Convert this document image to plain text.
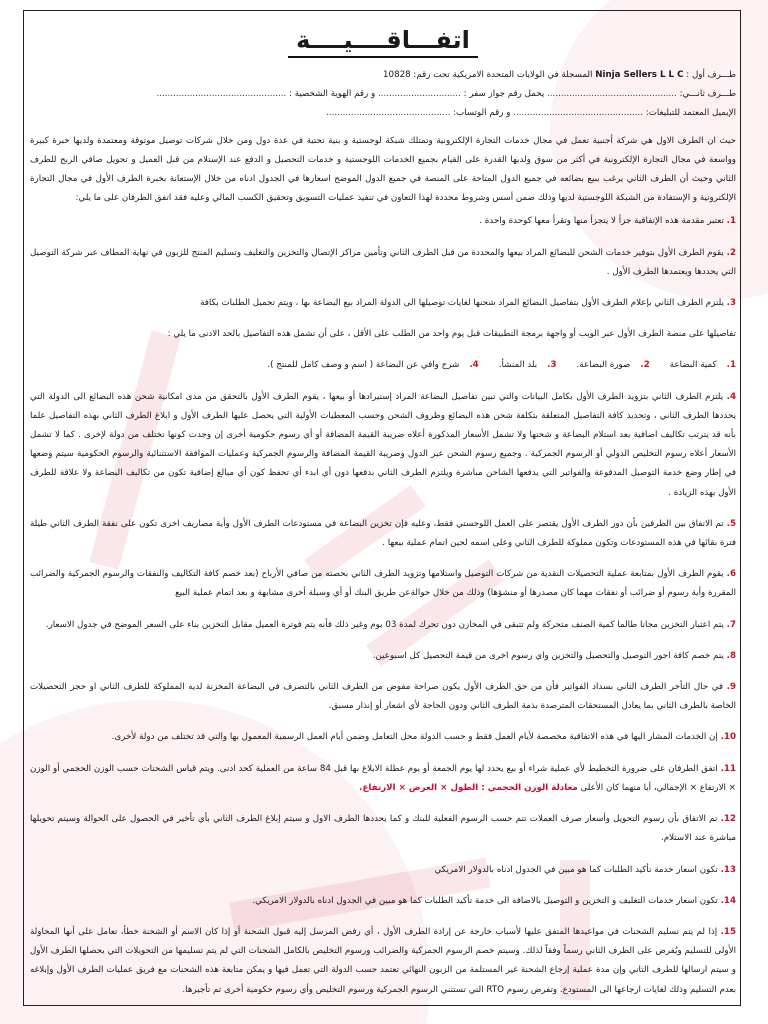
اتفـــاقــــيــــة

طـــرف أول : Ninja Sellers L L C المسجلة في الولايات المتحدة الامريكية تحت رقم: 10828

طـــرف ثانـــي: ............................................... يحمل رقم جواز سفر : .............................. و رقم الهوية الشخصية : ...............................................

الإيميل المعتمد للتبليغات: ............................................... و رقم الوتساب: .............................................

حيث ان الطرف الاول هي شركة أجنبية تعمل في مجال خدمات التجارة الإلكترونية وتمتلك شبكة لوجستية و بنية تحتية في عدة دول ومن خلال شركات توصيل موثوقة ومعتمدة ولديها خبرة كبيرة وواسعة في مجال التجارة الإلكترونية في أكثر من سوق ولديها القدرة على القيام بجميع الخدمات اللوجستية و خدمات التحصيل و الدفع عند الإستلام من قبل العميل و تحويل صافي الربح للطرف الثاني وحيث أن الطرف الثاني يرغب ببيع بضائعه في جميع الدول المتاحة على المنصة في جميع الدول الموضح اسعارها في الجدول ادناه من خلال الإستعانة بخبرة الطرف الأول في مجال التجارة الإلكترونية و الإستفادة من الشبكة اللوجستية لديها وذلك ضمن أسس وشروط محددة لهذا التعاون في تنفيذ عمليات التسويق وتحقيق الكسب المالي وعليه فقد اتفق الطرفان على ما يلي:

1. تعتبر مقدمة هذه الإتفاقية جزأ لا يتجزأ منها وتقرأ معها كوحدة واحدة .

2. يقوم الطرف الأول بتوفير خدمات الشحن للبضائع المراد بيعها والمحددة من قبل الطرف الثاني وتأمين مراكز الإتصال والتخزين والتغليف وتسليم المنتج للزبون في نهاية المطاف عبر شركة التوصيل التي يحددها ويعتمدها الطرف الأول .

3. يلتزم الطرف الثاني بإعلام الطرف الأول بتفاصيل البضائع المراد شحنها لغايات توصيلها الى الدولة المراد بيع البضاعة بها ، ويتم تحميل الطلبات بكافة

تفاصيلها على منصة الطرف الأول عبر الويب أو واجهة برمجة التطبيقات قبل يوم واحد من الطلب على الأقل ، على أن تشمل هذه التفاصيل بالحد الادنى ما يلي :

1.كمية البضاعة2.صورة البضاعة.3.بلد المنشأ.4.شرح وافي عن البضاعة ( اسم و وصف كامل للمنتج ).

4. يلتزم الطرف الثاني بتزويد الطرف الأول بكامل البيانات والتي تبين تفاصيل البضاعة المراد إستيرادها أو بيعها ، يقوم الطرف الأول بالتحقق من مدى امكانية شحن هذه البضائع الى الدولة التي يحددها الطرف الثاني ، وتحديد كافة التفاصيل المتعلقة بتكلفة شحن هذه البضائع وظروف الشحن وحسب المعطيات الأولية التي يحصل عليها الطرف الأول و ابلاغ الطرف الثاني بهذه التفاصيل علما بأنه قد يترتب تكاليف اضافية بعد استلام البضاعة و شحنها ولا تشمل الأسعار المذكورة أعلاه ضريبة القيمة المضافة أو أي رسوم حكومية أخرى إن وجدت كونها تختلف من دولة لإخرى . كما لا تشمل الأسعار أعلاه رسوم التخليص الدولي أو الرسوم الجمركية . وجميع رسوم الشحن عبر الدول وضريبة القيمة المضافة والرسوم الجمركية وعمليات الموافقة الاستثنائية والرسوم الحكومية سيتم وضعها في إطار وضع خدمة التوصيل المدفوعة والفواتير التي يدفعها الشاحن مباشرة ويلتزم الطرف الثاني بدفعها دون أي ابدء أي تحفظ كون أي مبالغ إضافية تكون من تكاليف البضاعة ولا علاقة للطرف الأول بهذه الزيادة .

5. تم الاتفاق بين الطرفين بأن دور الطرف الأول يقتصر على العمل اللوجستي فقط، وعليه فإن تخزين البضاعة في مستودعات الطرف الأول وأية مصاريف اخرى تكون على نفقة الطرف الثاني طيلة فترة بقائها في هذه المستودعات وتكون مملوكة للطرف الثاني وعلى اسمه لحين اتمام عملية بيعها .

6. يقوم الطرف الأول بمتابعة عملية التحصيلات النقدية من شركات التوصيل واستلامها وتزويد الطرف الثاني بحصته من صافي الأرباح (بعد خصم كافة التكاليف والنفقات والرسوم الجمركية والضرائب المقررة وأية رسوم أو ضرائب أو نفقات مهما كان مصدرها أو منشؤها) وذلك من خلال حوالةعن طريق البنك أو أي وسيلة أخرى مشابهة و بعد اتمام عملية البيع

7. يتم اعتبار التخزين مجانا طالما كمية الصنف متحركة ولم تتبقى في المخازن دون تحرك لمدة 03 يوم وغير ذلك فأنه يتم فوترة العميل مقابل التخزين بناء على السعر الموضح في جدول الاسعار.

8. يتم خصم كافة اجور التوصيل والتحصيل والتخزين واي رسوم اخرى من قيمة التحصيل كل اسبوعين.

9. في حال التأخر الطرف الثاني بسداد الفواتير فأن من حق الطرف الأول يكون صراحة مفوض من الطرف الثاني بالتصرف في البضاعة المخزنة لديه المملوكة للطرف الثاني او حجز التحصيلات الخاصة بالطرف الثاني بما يعادل المستحقات المترصدة بذمة الطرف الثاني ودون الحاجة لأي اشعار أو إنذار مسبق.

10. إن الخدمات المشار اليها في هذه الاتفاقية مخصصة لأيام العمل فقط و حسب الدولة محل التعامل وضمن أيام العمل الرسمية المعمول بها والتي قد تختلف من دولة لأخرى.

11. اتفق الطرفان على ضرورة التخطيط لأي عملية شراء أو بيع يحدد لها يوم الجمعة أو يوم عطلة الابلاغ بها قبل 84 ساعة من العملية كحد ادنى. ويتم قياس الشحنات حسب الوزن الحجمي أو الوزن × الارتفاع × الإجمالي، أيا منهما كان الأعلى معادلة الوزن الحجمي : الطول × العرض × الارتفاع.

12. تم الاتفاق بأن رسوم التحويل وأسعار صرف العملات تتم حسب الرسوم الفعلية للبنك و كما يحددها الطرف الاول و سيتم إبلاغ الطرف الثاني بأي تأخير في الحصول على الحوالة وسيتم تحويلها مباشرة عند الاستلام.

13. تكون اسعار خدمة تأكيد الطلبات كما هو مبين في الجدول ادناه بالدولار الامريكي

14. تكون اسعار خدمات التغليف و التخزين و التوصيل بالاضافة الى خدمة تأكيد الطلبات كما هو مبين في الجدول ادناه بالدولار الامريكي.

15. إذا لم يتم تسليم الشحنات في مواعيدها المتفق عليها لأسباب خارجة عن إرادة الطرف الأول ، أي رفض المرسل إليه قبول الشحنة أو إذا كان الاسم أو الشحنة خطأ، تعامل على أنها المحاولة الأولى للتسليم ويُفرض على الطرف الثاني رسماً وفقاً لذلك. وسيتم خصم الرسوم الجمركية والضرائب ورسوم التخليص بالكامل الشحنات التي لم يتم تسليمها من التحويلات التي يحصلها الطرف الأول و سيتم ارسالها للطرف الثاني وإن مدة عملية إرجاع الشحنة غير المستلمة من الزبون النهائي تعتمد حسب الدولة التي تعمل فيها و يمكن متابعة هذه الشحنات مع فريق عمليات الطرف الأول وإبلاغه بعدم التسليم وذلك لغايات ارجاعها الى المستودع. وتفرض رسوم RTO التي تستثني الرسوم الجمركية ورسوم التخليص وأي رسوم حكومية أخرى تم تأجيرها.
